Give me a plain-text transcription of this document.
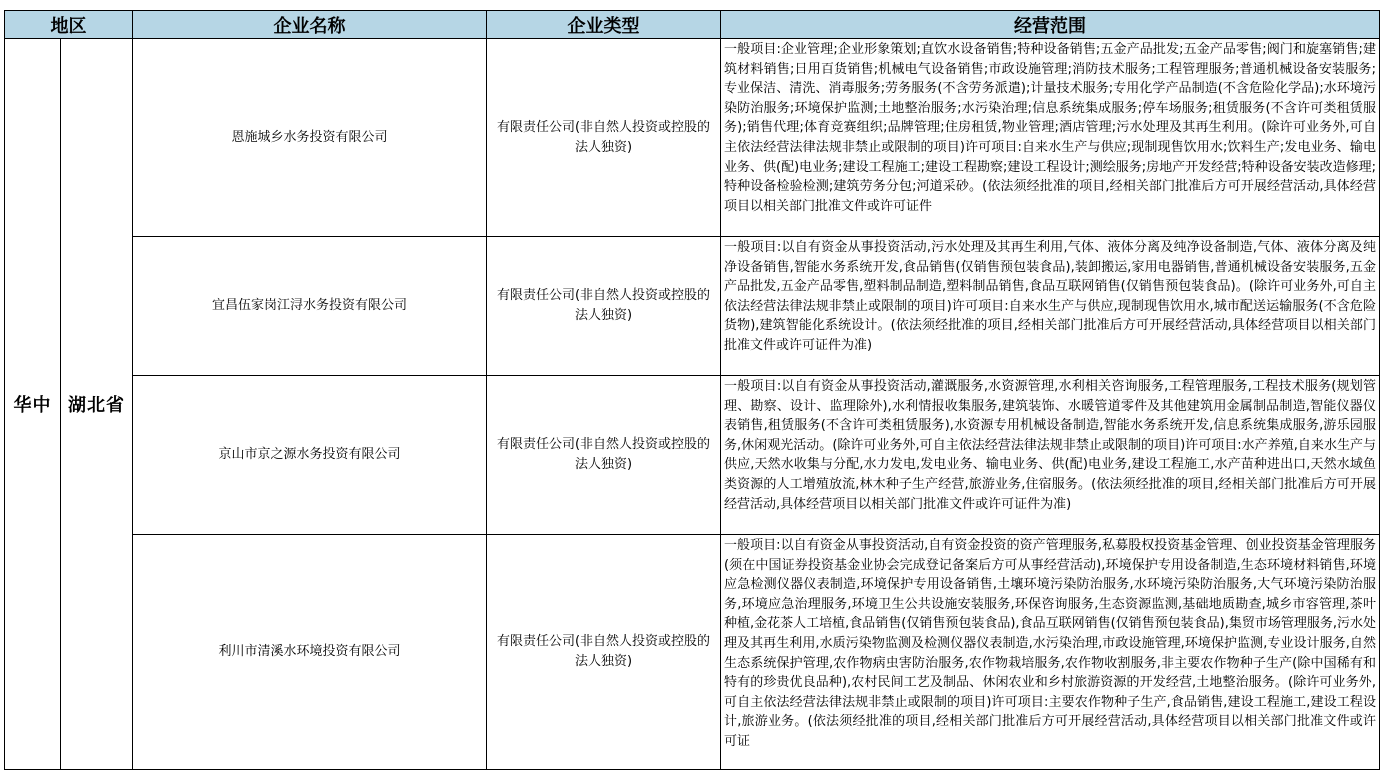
地区		企业名称	企业类型	经营范围
华中	湖北省	恩施城乡水务投资有限公司	有限责任公司(非自然人投资或控股的法人独资)	一般项目:企业管理;企业形象策划;直饮水设备销售;特种设备销售;五金产品批发;五金产品零售;阀门和旋塞销售;建筑材料销售;日用百货销售;机械电气设备销售;市政设施管理;消防技术服务;工程管理服务;普通机械设备安装服务;专业保洁、清洗、消毒服务;劳务服务(不含劳务派遣);计量技术服务;专用化学产品制造(不含危险化学品);水环境污染防治服务;环境保护监测;土地整治服务;水污染治理;信息系统集成服务;停车场服务;租赁服务(不含许可类租赁服务);销售代理;体育竞赛组织;品牌管理;住房租赁,物业管理;酒店管理;污水处理及其再生利用。(除许可业务外,可自主依法经营法律法规非禁止或限制的项目)许可项目:自来水生产与供应;现制现售饮用水;饮料生产;发电业务、输电业务、供(配)电业务;建设工程施工;建设工程勘察;建设工程设计;测绘服务;房地产开发经营;特种设备安装改造修理;特种设备检验检测;建筑劳务分包;河道采砂。(依法须经批准的项目,经相关部门批准后方可开展经营活动,具体经营项目以相关部门批准文件或许可证件

		宜昌伍家岗江浔水务投资有限公司	有限责任公司(非自然人投资或控股的法人独资)	一般项目:以自有资金从事投资活动,污水处理及其再生利用,气体、液体分离及纯净设备制造,气体、液体分离及纯净设备销售,智能水务系统开发,食品销售(仅销售预包装食品),装卸搬运,家用电器销售,普通机械设备安装服务,五金产品批发,五金产品零售,塑料制品制造,塑料制品销售,食品互联网销售(仅销售预包装食品)。(除许可业务外,可自主依法经营法律法规非禁止或限制的项目)许可项目:自来水生产与供应,现制现售饮用水,城市配送运输服务(不含危险货物),建筑智能化系统设计。(依法须经批准的项目,经相关部门批准后方可开展经营活动,具体经营项目以相关部门批准文件或许可证件为准)

		京山市京之源水务投资有限公司	有限责任公司(非自然人投资或控股的法人独资)	一般项目:以自有资金从事投资活动,灌溉服务,水资源管理,水利相关咨询服务,工程管理服务,工程技术服务(规划管理、勘察、设计、监理除外),水利情报收集服务,建筑装饰、水暖管道零件及其他建筑用金属制品制造,智能仪器仪表销售,租赁服务(不含许可类租赁服务),水资源专用机械设备制造,智能水务系统开发,信息系统集成服务,游乐园服务,休闲观光活动。(除许可业务外,可自主依法经营法律法规非禁止或限制的项目)许可项目:水产养殖,自来水生产与供应,天然水收集与分配,水力发电,发电业务、输电业务、供(配)电业务,建设工程施工,水产苗种进出口,天然水域鱼类资源的人工增殖放流,林木种子生产经营,旅游业务,住宿服务。(依法须经批准的项目,经相关部门批准后方可开展经营活动,具体经营项目以相关部门批准文件或许可证件为准)

		利川市清溪水环境投资有限公司	有限责任公司(非自然人投资或控股的法人独资)	一般项目:以自有资金从事投资活动,自有资金投资的资产管理服务,私募股权投资基金管理、创业投资基金管理服务(须在中国证券投资基金业协会完成登记备案后方可从事经营活动),环境保护专用设备制造,生态环境材料销售,环境应急检测仪器仪表制造,环境保护专用设备销售,土壤环境污染防治服务,水环境污染防治服务,大气环境污染防治服务,环境应急治理服务,环境卫生公共设施安装服务,环保咨询服务,生态资源监测,基础地质勘查,城乡市容管理,茶叶种植,金花茶人工培植,食品销售(仅销售预包装食品),食品互联网销售(仅销售预包装食品),集贸市场管理服务,污水处理及其再生利用,水质污染物监测及检测仪器仪表制造,水污染治理,市政设施管理,环境保护监测,专业设计服务,自然生态系统保护管理,农作物病虫害防治服务,农作物栽培服务,农作物收割服务,非主要农作物种子生产(除中国稀有和特有的珍贵优良品种),农村民间工艺及制品、休闲农业和乡村旅游资源的开发经营,土地整治服务。(除许可业务外,可自主依法经营法律法规非禁止或限制的项目)许可项目:主要农作物种子生产,食品销售,建设工程施工,建设工程设计,旅游业务。(依法须经批准的项目,经相关部门批准后方可开展经营活动,具体经营项目以相关部门批准文件或许可证
